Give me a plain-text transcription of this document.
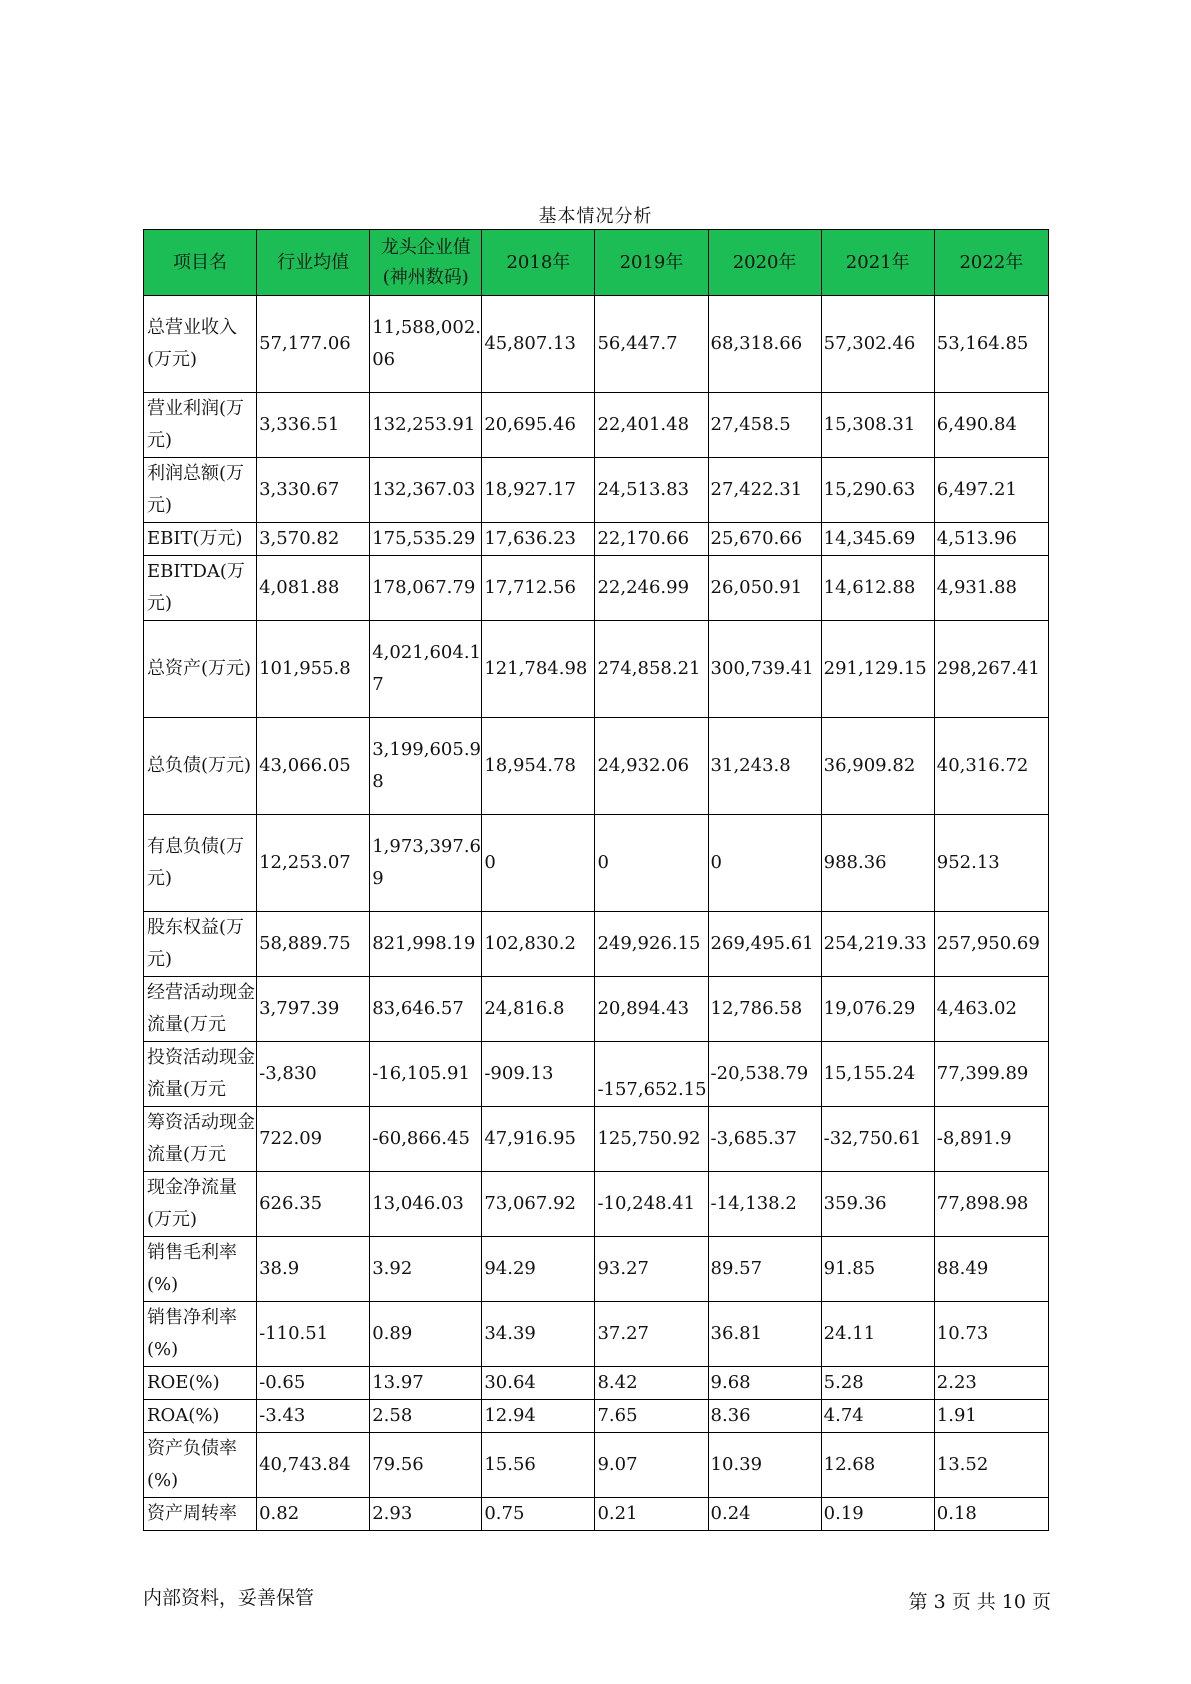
基本情况分析
项目名	行业均值	龙头企业值(神州数码)	2018年	2019年	2020年	2021年	2022年
总营业收入(万元)	57,177.06	11,588,002.06	45,807.13	56,447.7	68,318.66	57,302.46	53,164.85
营业利润(万元)	3,336.51	132,253.91	20,695.46	22,401.48	27,458.5	15,308.31	6,490.84
利润总额(万元)	3,330.67	132,367.03	18,927.17	24,513.83	27,422.31	15,290.63	6,497.21
EBIT(万元)	3,570.82	175,535.29	17,636.23	22,170.66	25,670.66	14,345.69	4,513.96
EBITDA(万元)	4,081.88	178,067.79	17,712.56	22,246.99	26,050.91	14,612.88	4,931.88
总资产(万元)	101,955.8	4,021,604.17	121,784.98	274,858.21	300,739.41	291,129.15	298,267.41
总负债(万元)	43,066.05	3,199,605.98	18,954.78	24,932.06	31,243.8	36,909.82	40,316.72
有息负债(万元)	12,253.07	1,973,397.69	0	0	0	988.36	952.13
股东权益(万元)	58,889.75	821,998.19	102,830.2	249,926.15	269,495.61	254,219.33	257,950.69
经营活动现金流量(万元	3,797.39	83,646.57	24,816.8	20,894.43	12,786.58	19,076.29	4,463.02
投资活动现金流量(万元	-3,830	-16,105.91	-909.13	-157,652.15	-20,538.79	15,155.24	77,399.89
筹资活动现金流量(万元	722.09	-60,866.45	47,916.95	125,750.92	-3,685.37	-32,750.61	-8,891.9
现金净流量(万元)	626.35	13,046.03	73,067.92	-10,248.41	-14,138.2	359.36	77,898.98
销售毛利率(%)	38.9	3.92	94.29	93.27	89.57	91.85	88.49
销售净利率(%)	-110.51	0.89	34.39	37.27	36.81	24.11	10.73
ROE(%)	-0.65	13.97	30.64	8.42	9.68	5.28	2.23
ROA(%)	-3.43	2.58	12.94	7.65	8.36	4.74	1.91
资产负债率(%)	40,743.84	79.56	15.56	9.07	10.39	12.68	13.52
资产周转率	0.82	2.93	0.75	0.21	0.24	0.19	0.18
内部资料，妥善保管	第 3 页 共 10 页
